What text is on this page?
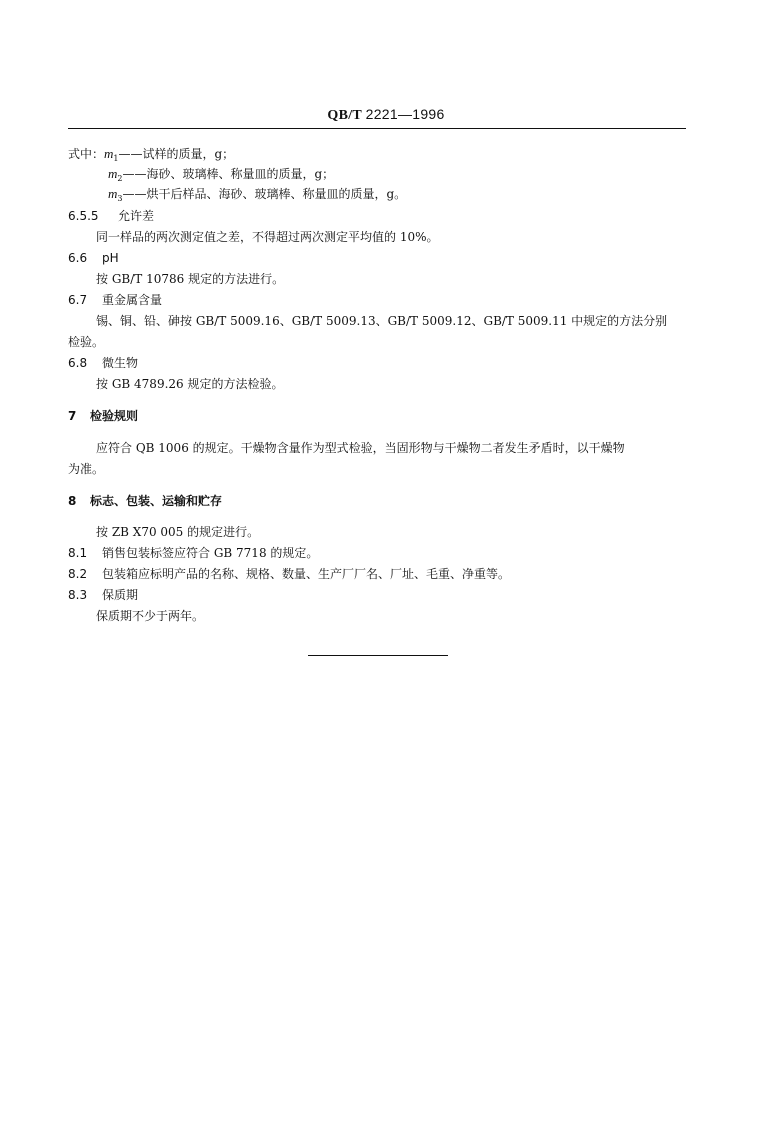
QB/T 2221—1996
式中：$m_1——$试样的质量，g；
$m_2——$海砂、玻璃棒、称量皿的质量，g；
$m_3——$烘干后样品、海砂、玻璃棒、称量皿的质量，g。
6.5.5 允许差
同一样品的两次测定值之差，不得超过两次测定平均值的 10%。
6.6 pH
按 GB/T 10786 规定的方法进行。
6.7 重金属含量
锡、铜、铅、砷按 GB/T 5009.16、GB/T 5009.13、GB/T 5009.12、GB/T 5009.11 中规定的方法分别
检验。
6.8 微生物
按 GB 4789.26 规定的方法检验。
7 检验规则
应符合 QB 1006 的规定。干燥物含量作为型式检验，当固形物与干燥物二者发生矛盾时，以干燥物
为准。
8 标志、包装、运输和贮存
按 ZB X70 005 的规定进行。
8.1 销售包装标签应符合 GB 7718 的规定。
8.2 包装箱应标明产品的名称、规格、数量、生产厂厂名、厂址、毛重、净重等。
8.3 保质期
保质期不少于两年。
